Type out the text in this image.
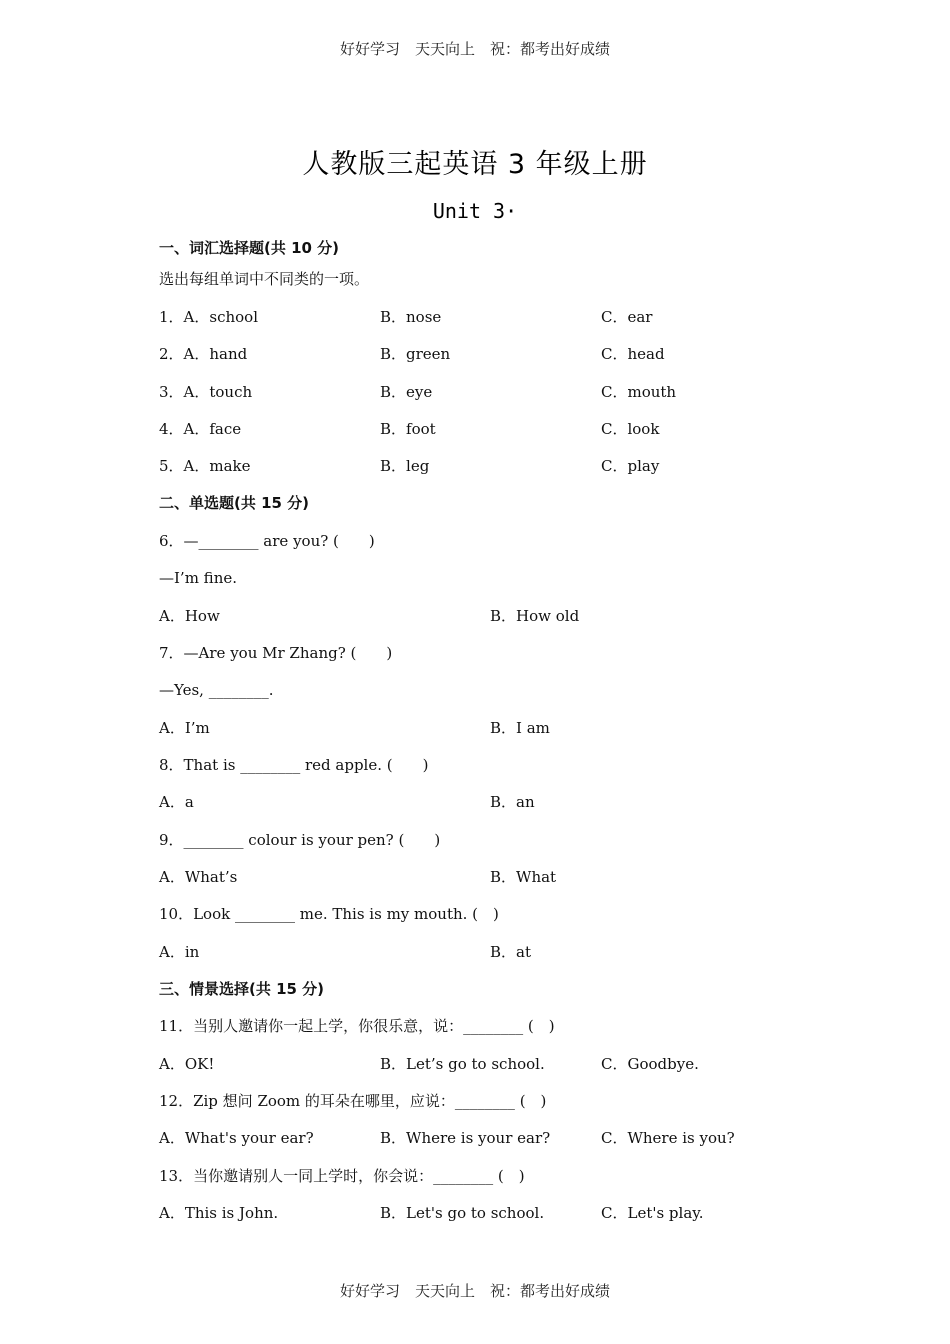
好好学习　天天向上　祝：都考出好成绩
人教版三起英语 3 年级上册
Unit 3·
一、词汇选择题(共 10 分)
选出每组单词中不同类的一项。
1．A．school	B．nose	C．ear
2．A．hand	B．green	C．head
3．A．touch	B．eye	C．mouth
4．A．face	B．foot	C．look
5．A．make	B．leg	C．play
二、单选题(共 15 分)
6．—________ are you? (　　)
—I’m fine.
A．How	B．How old
7．—Are you Mr Zhang? (　　)
—Yes, ________.
A．I’m	B．I am
8．That is ________ red apple. (　　)
A．a	B．an
9．________ colour is your pen? (　　)
A．What’s	B．What
10．Look ________ me. This is my mouth. (　)
A．in	B．at
三、情景选择(共 15 分)
11．当别人邀请你一起上学，你很乐意，说：________ (　)
A．OK!	B．Let’s go to school.	C．Goodbye.
12．Zip 想问 Zoom 的耳朵在哪里，应说：________ (　)
A．What's your ear?	B．Where is your ear?	C．Where is you?
13．当你邀请别人一同上学时，你会说：________ (　)
A．This is John.	B．Let's go to school.	C．Let's play.
好好学习　天天向上　祝：都考出好成绩
